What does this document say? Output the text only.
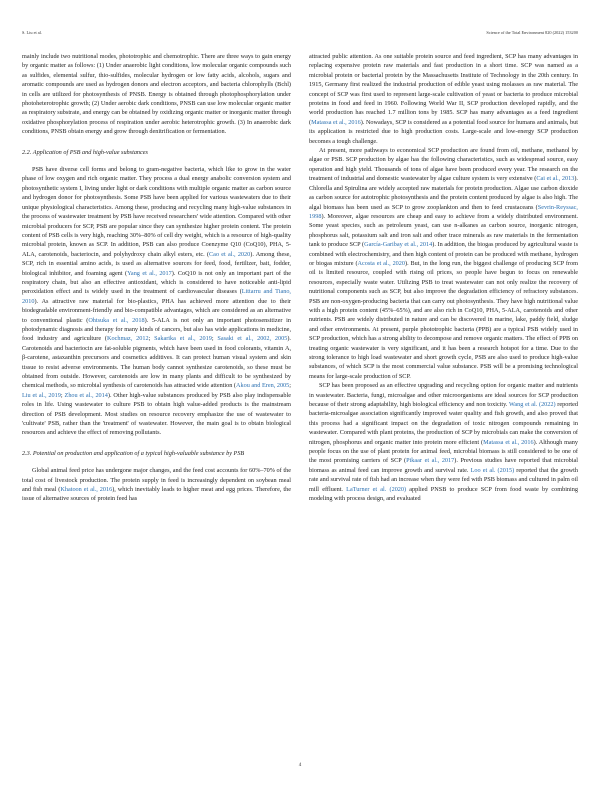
S. Liu et al.	Science of the Total Environment 820 (2022) 153200

mainly include two nutritional modes, phototrophic and chemotrophic. There are three ways to gain energy by organic matter as follows: (1) Under anaerobic light conditions, low molecular organic compounds such as sulfides, elemental sulfur, thio-sulfides, molecular hydrogen or low fatty acids, alcohols, sugars and aromatic compounds are used as hydrogen donors and electron acceptors, and bacteria chlorophylls (Bchl) in cells are utilized for photosynthesis of PNSB. Energy is obtained through photophosphorylation under photoheterotrophic growth; (2) Under aerobic dark conditions, PNSB can use low molecular organic matter as respiratory substrate, and energy can be obtained by oxidizing organic matter or inorganic matter through oxidative phosphorylation process of respiration under aerobic heterotrophic growth. (3) In anaerobic dark conditions, PNSB obtain energy and grow through denitrification or fermentation.

2.2. Application of PSB and high-value substances

PSB have diverse cell forms and belong to gram-negative bacteria, which like to grow in the water phase of low oxygen and rich organic matter. They process a dual energy anabolic conversion system and photosynthetic system I, living under light or dark conditions with multiple organic matter as carbon source and hydrogen donor for photosynthesis. Some PSB have been applied for various wastewaters due to their unique physiological characteristics. Among these, producing and recycling many high-value substances in the process of wastewater treatment by PSB have received researchers' wide attention. Compared with other microbial producers for SCP, PSB are popular since they can synthesize higher protein content. The protein content of PSB cells is very high, reaching 30%–80% of cell dry weight, which is a resource of high-quality microbial protein, known as SCP. In addition, PSB can also produce Coenzyme Q10 (CoQ10), PHA, 5-ALA, carotenoids, bacteriocin, and polyhydroxy chain alkyl esters, etc. (Cao et al., 2020). Among these, SCP, rich in essential amino acids, is used as alternative sources for feed, food, fertilizer, bait, fodder, biological inhibitor, and foaming agent (Yang et al., 2017). CoQ10 is not only an important part of the respiratory chain, but also an effective antioxidant, which is considered to have noticeable anti-lipid peroxidation effect and is widely used in the treatment of cardiovascular diseases (Littarru and Tiano, 2010). As attractive raw material for bio-plastics, PHA has achieved more attention due to their biodegradable environment-friendly and bio-compatible advantages, which are considered as an alternative to conventional plastic (Ohtsuka et al., 2018). 5-ALA is not only an important photosensitizer in photodynamic diagnosis and therapy for many kinds of cancers, but also has wide applications in medicine, food industry and agriculture (Kochmaz, 2012; Sakarika et al., 2019; Sasaki et al., 2002, 2005). Carotenoids and bacteriocin are fat-soluble pigments, which have been used in food colorants, vitamin A, β-carotene, astaxanthin precursors and cosmetics additives. It can protect human visual system and skin tissue to resist adverse environments. The human body cannot synthesize carotenoids, so these must be obtained from outside. However, carotenoids are low in many plants and difficult to be synthesized by chemical methods, so microbial synthesis of carotenoids has attracted wide attention (Akou and Eren, 2005; Liu et al., 2019; Zhou et al., 2014). Other high-value substances produced by PSB also play indispensable roles in life. Using wastewater to culture PSB to obtain high value-added products is the mainstream direction of PSB development. Most studies on resource recovery emphasize the use of wastewater to 'cultivate' PSB, rather than the 'treatment' of wastewater. However, the main goal is to obtain biological resources and achieve the effect of removing pollutants.

2.3. Potential on production and application of a typical high-valuable substance by PSB

Global animal feed price has undergone major changes, and the feed cost accounts for 60%–70% of the total cost of livestock production. The protein supply in feed is increasingly dependent on soybean meal and fish meal (Khatoon et al., 2016), which inevitably leads to higher meat and egg prices. Therefore, the issue of alternative sources of protein feed has

attracted public attention. As one suitable protein source and feed ingredient, SCP has many advantages in replacing expensive protein raw materials and fast production in a short time. SCP was named as a microbial protein or bacterial protein by the Massachusetts Institute of Technology in the 20th century. In 1915, Germany first realized the industrial production of edible yeast using molasses as raw material. The concept of SCP was first used to represent large-scale cultivation of yeast or bacteria to produce microbial proteins in food and feed in 1960. Following World War II, SCP production developed rapidly, and the world production has reached 1.7 million tons by 1985. SCP has many advantages as a feed ingredient (Matassa et al., 2016). Nowadays, SCP is considered as a potential food source for humans and animals, but its application is restricted due to high production costs. Large-scale and low-energy SCP production becomes a tough challenge.

At present, more pathways to economical SCP production are found from oil, methane, methanol by algae or PSB. SCP production by algae has the following characteristics, such as widespread source, easy operation and high yield. Thousands of tons of algae have been produced every year. The research on the treatment of industrial and domestic wastewater by algae culture system is very extensive (Cai et al., 2013). Chlorella and Spirulina are widely accepted raw materials for protein production. Algae use carbon dioxide as carbon source for autotrophic photosynthesis and the protein content produced by algae is also high. The algal biomass has been used as SCP to grow zooplankton and then to feed crustaceans (Sevrin-Reyssac, 1998). Moreover, algae resources are cheap and easy to achieve from a widely distributed environment. Some yeast species, such as petroleum yeast, can use n-alkanes as carbon source, inorganic nitrogen, phosphorus salt, potassium salt and iron salt and other trace minerals as raw materials in the fermentation tank to produce SCP (García-Garibay et al., 2014). In addition, the biogas produced by agricultural waste is combined with electrochemistry, and then high content of protein can be produced with methane, hydrogen or biogas mixture (Acosta et al., 2020). But, in the long run, the biggest challenge of producing SCP from oil is limited resource, coupled with rising oil prices, so people have begun to focus on renewable resources, especially waste water. Utilizing PSB to treat wastewater can not only realize the recovery of nutritional components such as SCP, but also improve the degradation efficiency of refractory substances. PSB are non-oxygen-producing bacteria that can carry out photosynthesis. They have high nutritional value with a high protein content (45%–65%), and are also rich in CoQ10, PHA, 5-ALA, carotenoids and other nutrients. PSB are widely distributed in nature and can be discovered in marine, lake, paddy field, sludge and other environments. At present, purple phototrophic bacteria (PPB) are a typical PSB widely used in SCP production, which has a strong ability to decompose and remove organic matters. The effect of PPB on treating organic wastewater is very significant, and it has been a research hotspot for a time. Due to the strong tolerance to high load wastewater and short growth cycle, PSB are also used to produce high-value substances, of which SCP is the most commercial value substance. PSB will be a promising technological means for large-scale production of SCP.

SCP has been proposed as an effective upgrading and recycling option for organic matter and nutrients in wastewater. Bacteria, fungi, microalgae and other microorganisms are ideal sources for SCP production because of their strong adaptability, high biological efficiency and non toxicity. Wang et al. (2022) reported bacteria-microalgae association significantly improved water quality and fish growth, and also proved that this process had a significant impact on the degradation of toxic nitrogen compounds remaining in wastewater. Compared with plant proteins, the production of SCP by microbials can make the conversion of nitrogen, phosphorus and organic matter into protein more efficient (Matassa et al., 2016). Although many people focus on the use of plant protein for animal feed, microbial biomass is still considered to be one of the most promising carriers of SCP (Pikaar et al., 2017). Previous studies have reported that microbial biomass as animal feed can improve growth and survival rate. Loo et al. (2015) reported that the growth rate and survival rate of fish had an increase when they were fed with PSB biomass and cultured in palm oil mill effluent. LaTurner et al. (2020) applied PNSB to produce SCP from food waste by combining modeling with process design, and evaluated

4
